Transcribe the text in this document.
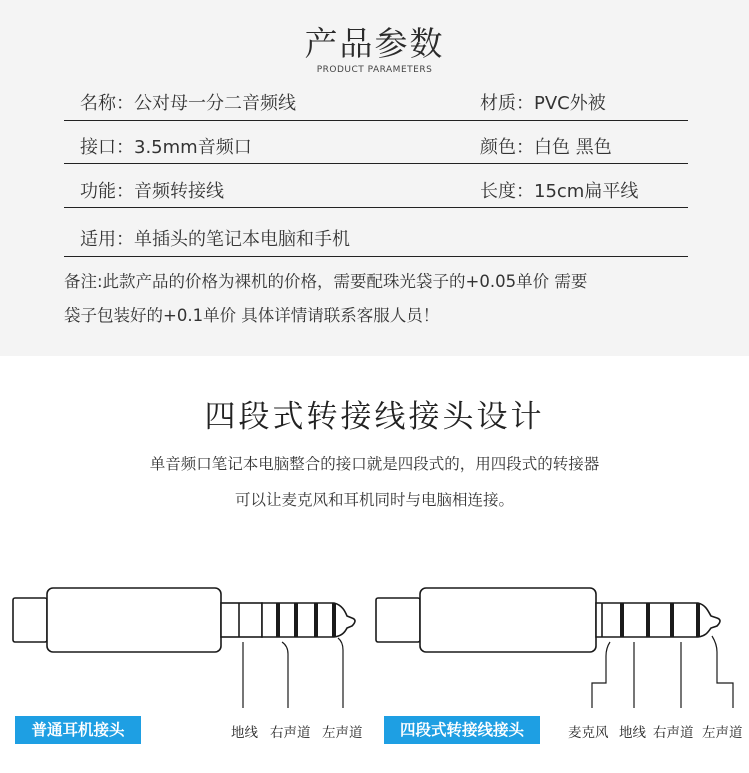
产品参数
PRODUCT PARAMETERS
名称：公对母一分二音频线	材质：PVC外被
接口：3.5mm音频口	颜色：白色 黑色
功能：音频转接线	长度：15cm扁平线
适用：单插头的笔记本电脑和手机
备注:此款产品的价格为裸机的价格，需要配珠光袋子的+0.05单价 需要
袋子包装好的+0.1单价 具体详情请联系客服人员！
四段式转接线接头设计
单音频口笔记本电脑整合的接口就是四段式的，用四段式的转接器
可以让麦克风和耳机同时与电脑相连接。
普通耳机接头	地线 右声道 左声道	四段式转接线接头	麦克风 地线 右声道 左声道
